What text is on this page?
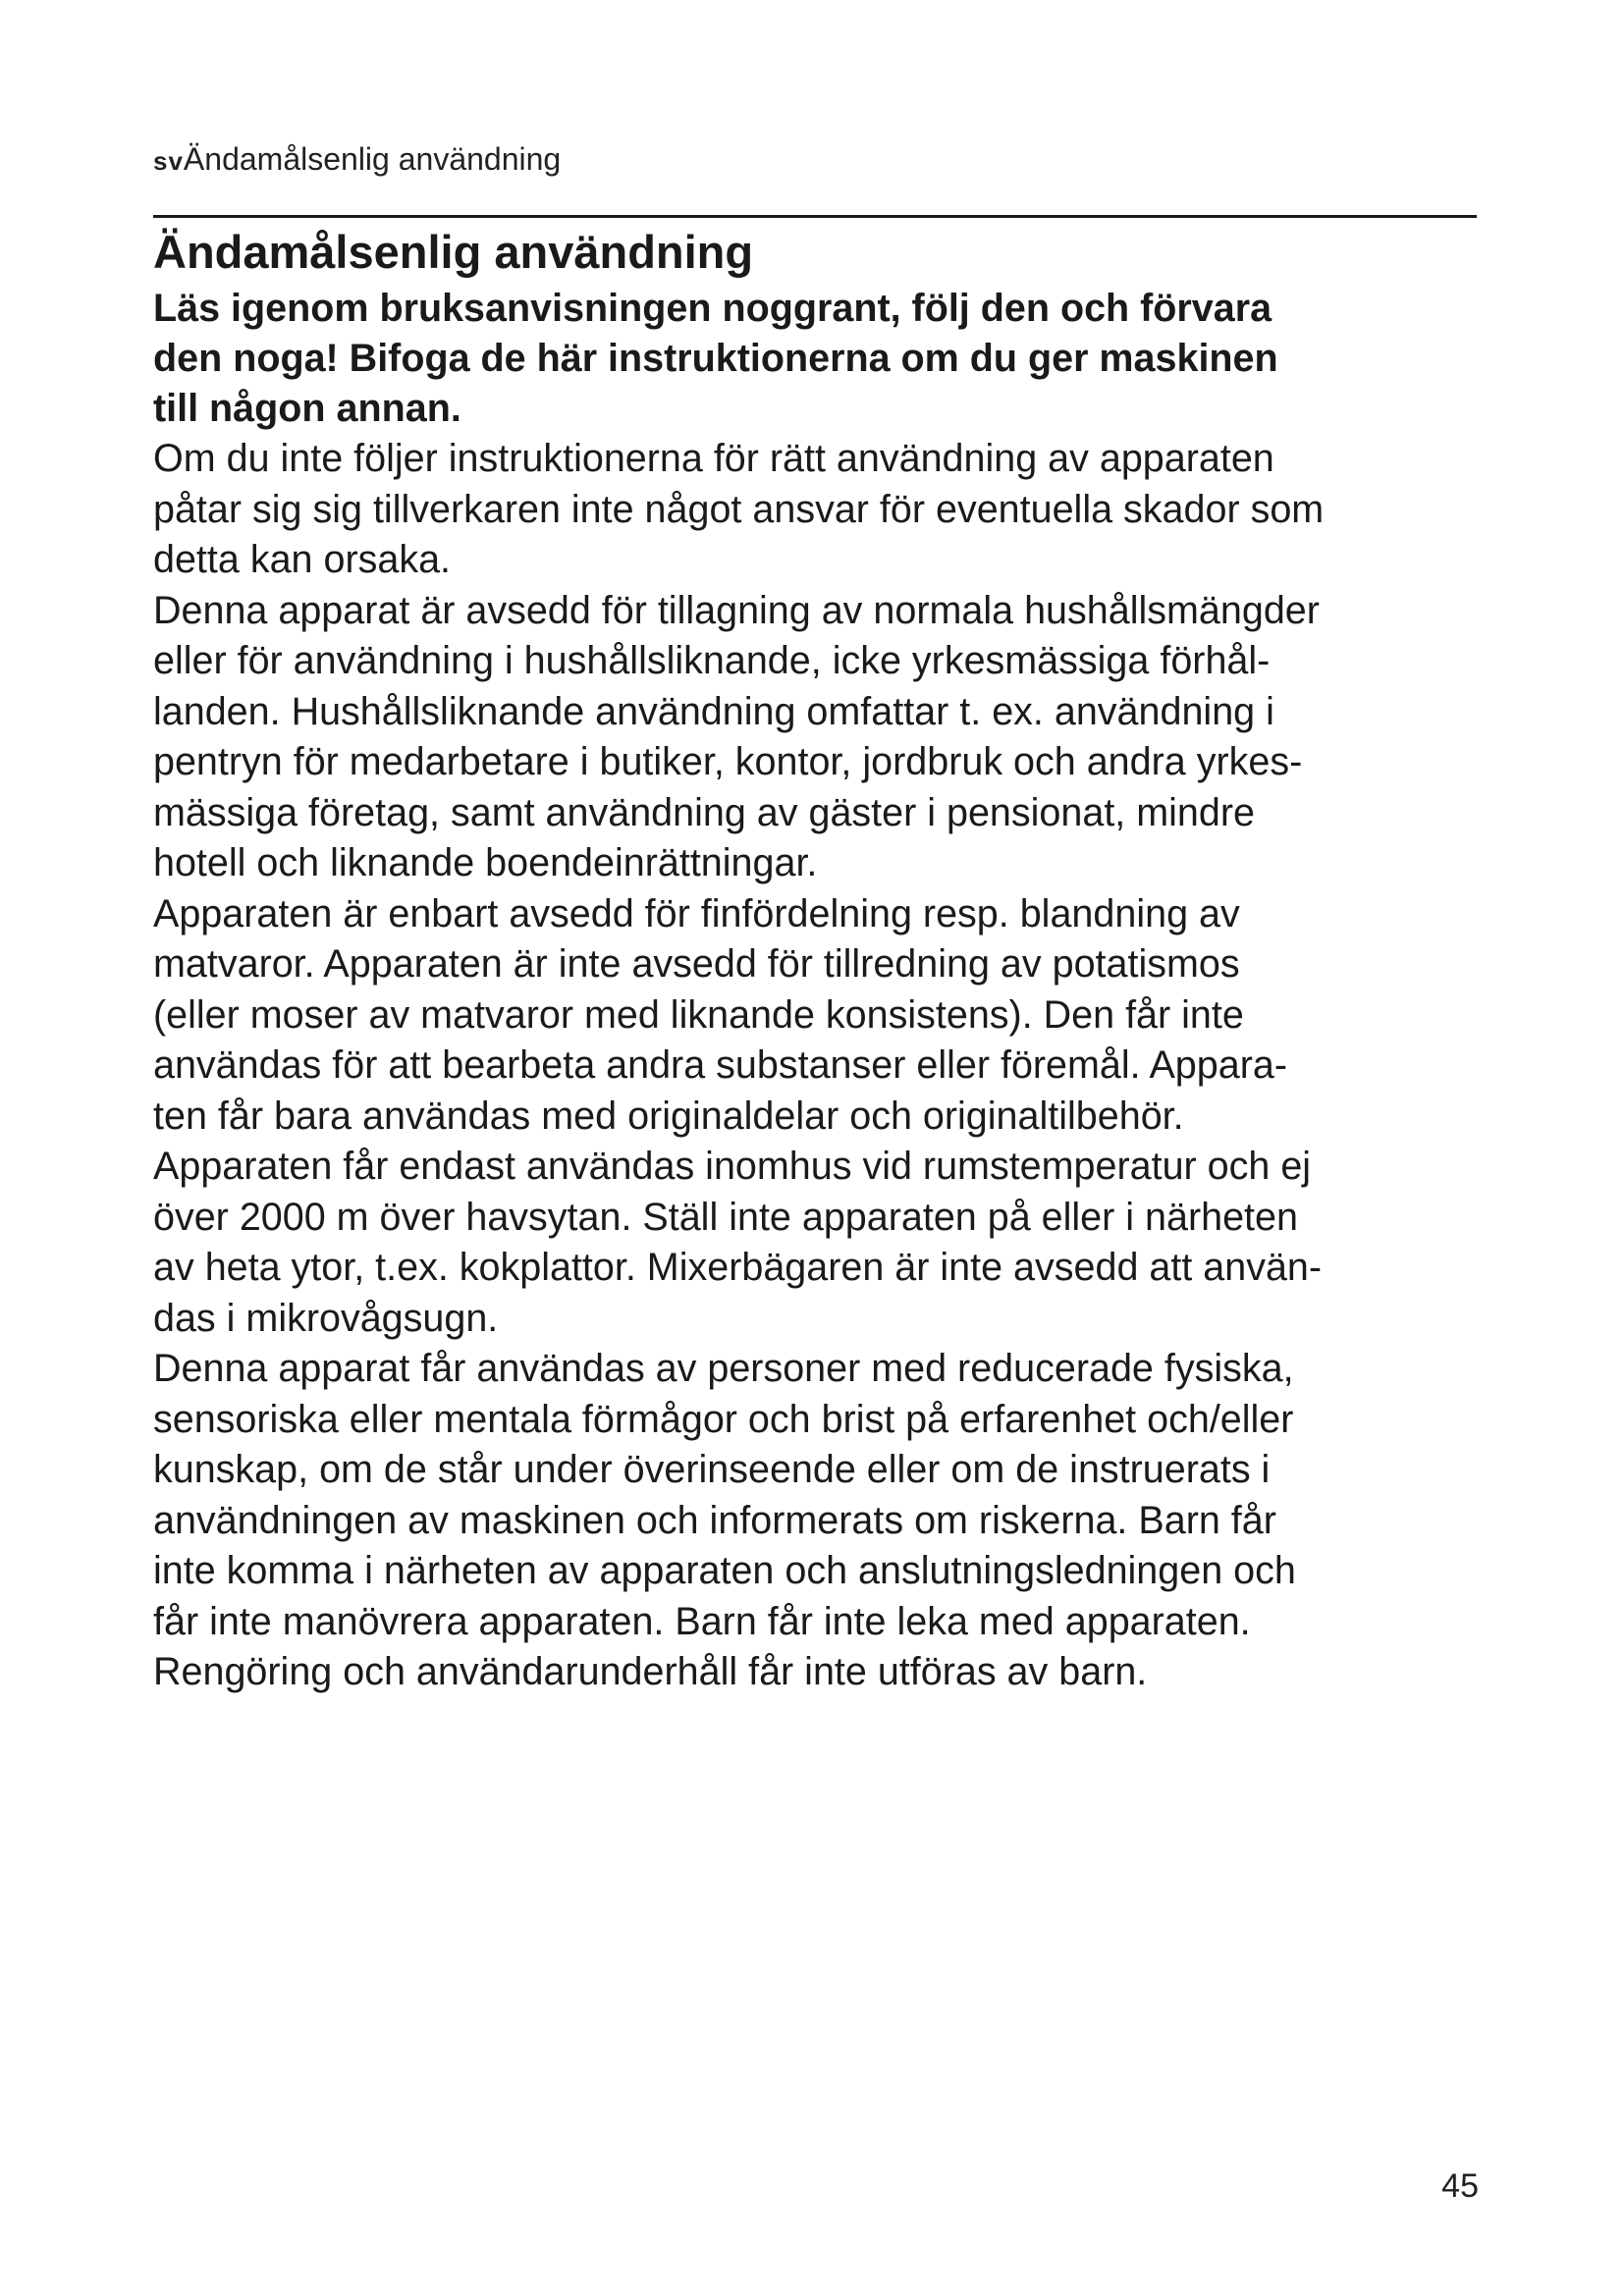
svÄndamålsenlig användning
Ändamålsenlig användning

Läs igenom bruksanvisningen noggrant, följ den och förvara
den noga! Bifoga de här instruktionerna om du ger maskinen
till någon annan.

Om du inte följer instruktionerna för rätt användning av apparaten
påtar sig sig tillverkaren inte något ansvar för eventuella skador som
detta kan orsaka.

Denna apparat är avsedd för tillagning av normala hushållsmängder
eller för användning i hushållsliknande, icke yrkesmässiga förhål-
landen. Hushållsliknande användning omfattar t. ex. användning i
pentryn för medarbetare i butiker, kontor, jordbruk och andra yrkes-
mässiga företag, samt användning av gäster i pensionat, mindre
hotell och liknande boendeinrättningar.

Apparaten är enbart avsedd för finfördelning resp. blandning av
matvaror. Apparaten är inte avsedd för tillredning av potatismos
(eller moser av matvaror med liknande konsistens). Den får inte
användas för att bearbeta andra substanser eller föremål. Appara-
ten får bara användas med originaldelar och originaltilbehör.

Apparaten får endast användas inomhus vid rumstemperatur och ej
över 2000 m över havsytan. Ställ inte apparaten på eller i närheten
av heta ytor, t.ex. kokplattor. Mixerbägaren är inte avsedd att använ-
das i mikrovågsugn.

Denna apparat får användas av personer med reducerade fysiska,
sensoriska eller mentala förmågor och brist på erfarenhet och/eller
kunskap, om de står under överinseende eller om de instruerats i
användningen av maskinen och informerats om riskerna. Barn får
inte komma i närheten av apparaten och anslutningsledningen och
får inte manövrera apparaten. Barn får inte leka med apparaten.
Rengöring och användarunderhåll får inte utföras av barn.

45
